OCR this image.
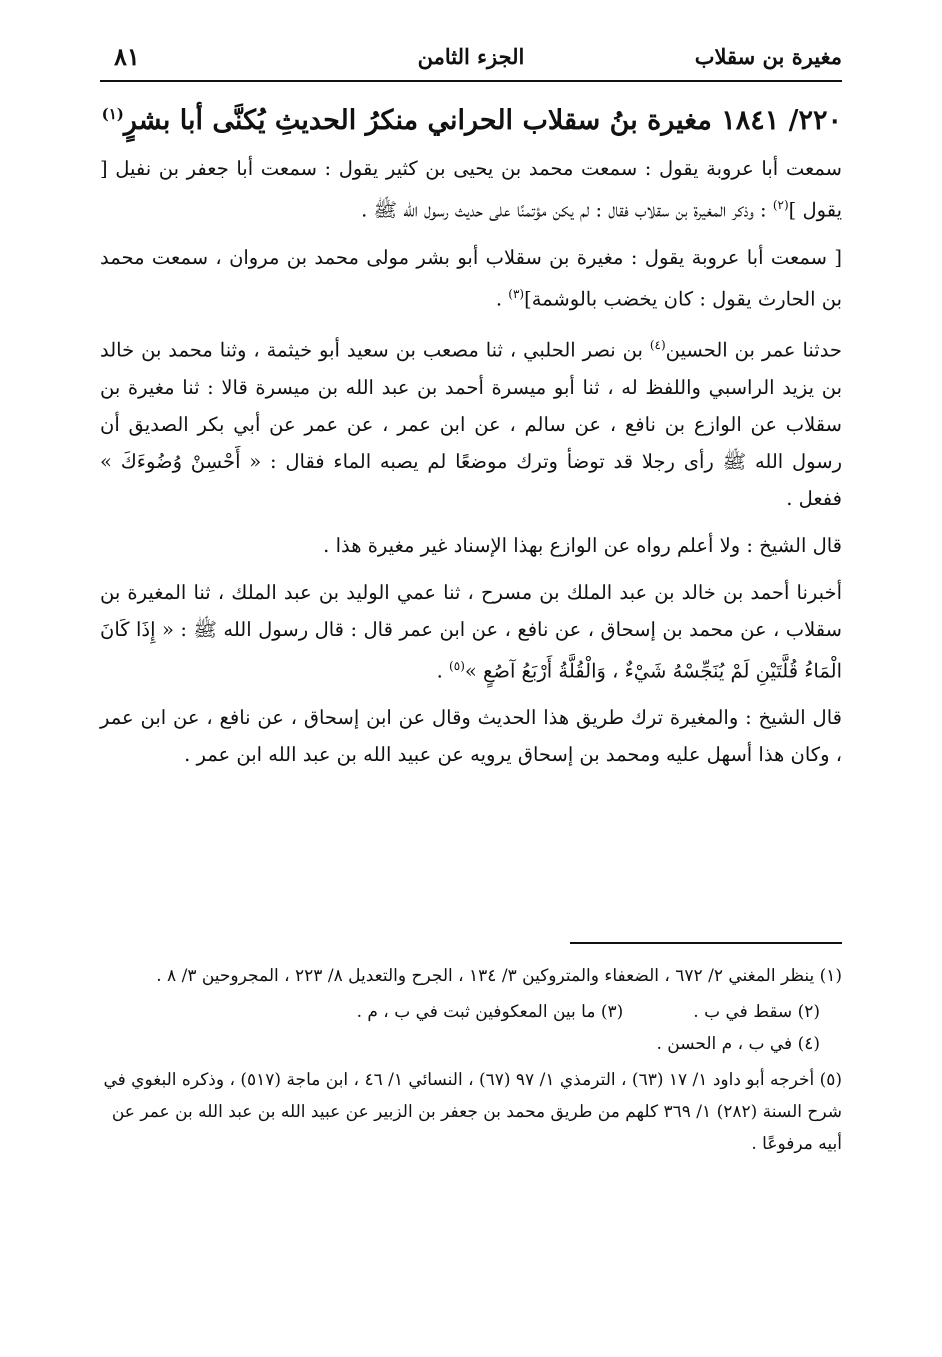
مغيرة بن سقلاب
الجزء الثامن
٨١
٢٢٠/ ١٨٤١ مغيرة بنُ سقلاب الحراني منكرُ الحديثِ يُكنَّى أبا بشرٍ$^{(١)}$

سمعت أبا عروبة يقول : سمعت محمد بن يحيى بن كثير يقول : سمعت أبا جعفر بن نفيل [ يقول ]$^{(٢)}$ : وذكر المغيرة بن سقلاب فقال : لم يكن مؤتمنًا على حديث رسول الله ﷺ .

[ سمعت أبا عروبة يقول : مغيرة بن سقلاب أبو بشر مولى محمد بن مروان ، سمعت محمد بن الحارث يقول : كان يخضب بالوشمة]$^{(٣)}$ .

حدثنا عمر بن الحسين$^{(٤)}$ بن نصر الحلبي ، ثنا مصعب بن سعيد أبو خيثمة ، وثنا محمد بن خالد بن يزيد الراسبي واللفظ له ، ثنا أبو ميسرة أحمد بن عبد الله بن ميسرة قالا : ثنا مغيرة بن سقلاب عن الوازع بن نافع ، عن سالم ، عن ابن عمر ، عن عمر عن أبي بكر الصديق أن رسول الله ﷺ رأى رجلا قد توضأ وترك موضعًا لم يصبه الماء فقال : « أَحْسِنْ وُضُوءَكَ » ففعل .

قال الشيخ : ولا أعلم رواه عن الوازع بهذا الإسناد غير مغيرة هذا .

أخبرنا أحمد بن خالد بن عبد الملك بن مسرح ، ثنا عمي الوليد بن عبد الملك ، ثنا المغيرة بن سقلاب ، عن محمد بن إسحاق ، عن نافع ، عن ابن عمر قال : قال رسول الله ﷺ : « إِذَا كَانَ الْمَاءُ قُلَّتَيْنِ لَمْ يُنَجِّسْهُ شَيْءٌ ، وَالْقُلَّةُ أَرْبَعُ آصُعٍ »$^{(٥)}$ .

قال الشيخ : والمغيرة ترك طريق هذا الحديث وقال عن ابن إسحاق ، عن نافع ، عن ابن عمر ، وكان هذا أسهل عليه ومحمد بن إسحاق يرويه عن عبيد الله بن عبد الله ابن عمر .

(١) ينظر المغني ٢/ ٦٧٢ ، الضعفاء والمتروكين ٣/ ١٣٤ ، الجرح والتعديل ٨/ ٢٢٣ ، المجروحين ٣/ ٨ .

(٢) سقط في ب .
(٣) ما بين المعكوفين ثبت في ب ، م .

(٤) في ب ، م الحسن .

(٥) أخرجه أبو داود ١/ ١٧ (٦٣) ، الترمذي ١/ ٩٧ (٦٧) ، النسائي ١/ ٤٦ ، ابن ماجة (٥١٧) ، وذكره البغوي في شرح السنة (٢٨٢) ١/ ٣٦٩ كلهم من طريق محمد بن جعفر بن الزبير عن عبيد الله بن عبد الله بن عمر عن أبيه مرفوعًا .
